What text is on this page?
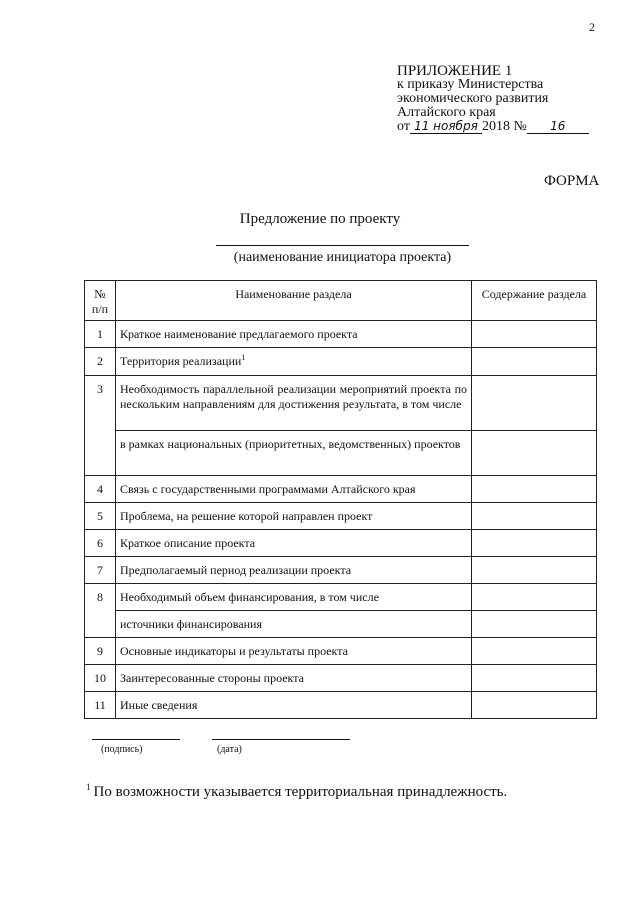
2
ПРИЛОЖЕНИЕ 1
к приказу Министерства
экономического развития
Алтайского края
от 11 ноября 2018 № 16
ФОРМА
Предложение по проекту
(наименование инициатора проекта)
№
п/п	Наименование раздела	Содержание раздела
1	Краткое наименование предлагаемого проекта	
2	Территория реализации$^1$	
3	Необходимость параллельной реализации мероприятий проекта по нескольким направлениям для достижения результата, в том числе	
	в рамках национальных (приоритетных, ведомственных) проектов	
4	Связь с государственными программами Алтайского края	
5	Проблема, на решение которой направлен проект	
6	Краткое описание проекта	
7	Предполагаемый период реализации проекта	
8	Необходимый объем финансирования, в том числе	
	источники финансирования	
9	Основные индикаторы и результаты проекта	
10	Заинтересованные стороны проекта	
11	Иные сведения	
(подпись)	(дата)
$^1$ По возможности указывается территориальная принадлежность.
